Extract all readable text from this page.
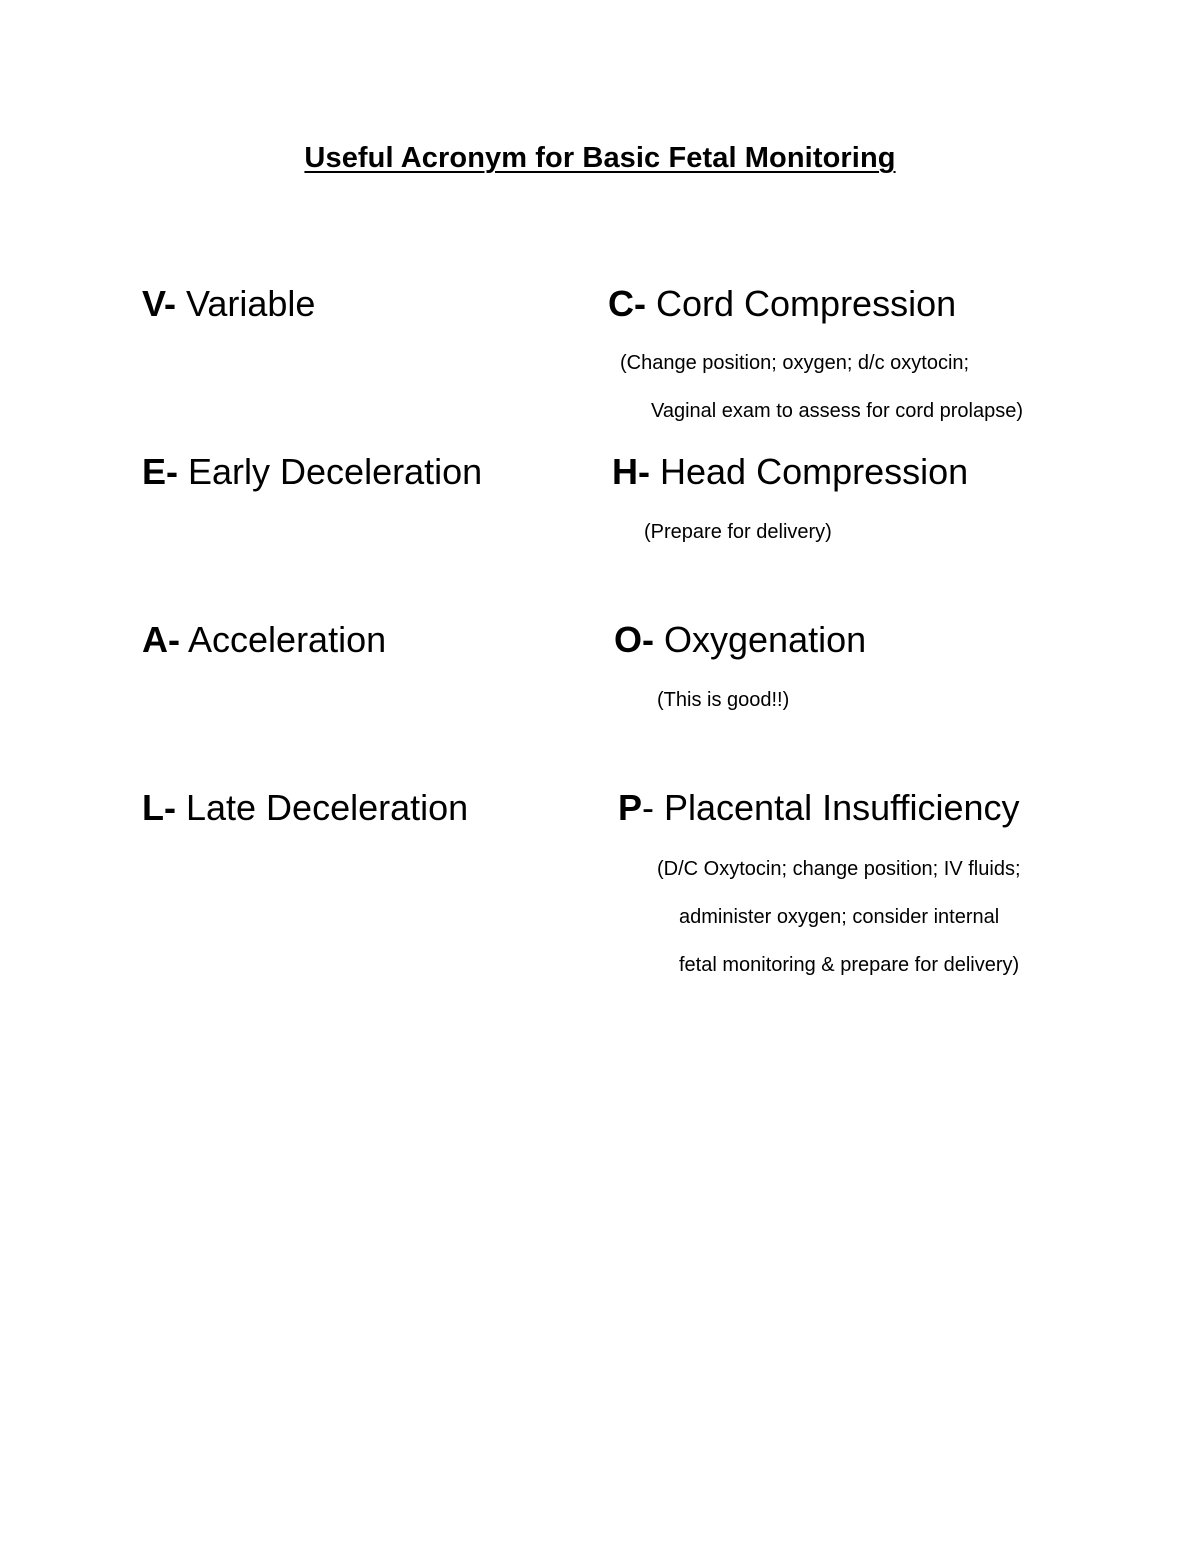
Useful Acronym for Basic Fetal Monitoring
V- Variable
E- Early Deceleration
A- Acceleration
L- Late Deceleration
C- Cord Compression
(Change position; oxygen; d/c oxytocin;
Vaginal exam to assess for cord prolapse)
H- Head Compression
(Prepare for delivery)
O- Oxygenation
(This is good!!)
P- Placental Insufficiency
(D/C Oxytocin; change position; IV fluids;
administer oxygen; consider internal
fetal monitoring & prepare for delivery)
